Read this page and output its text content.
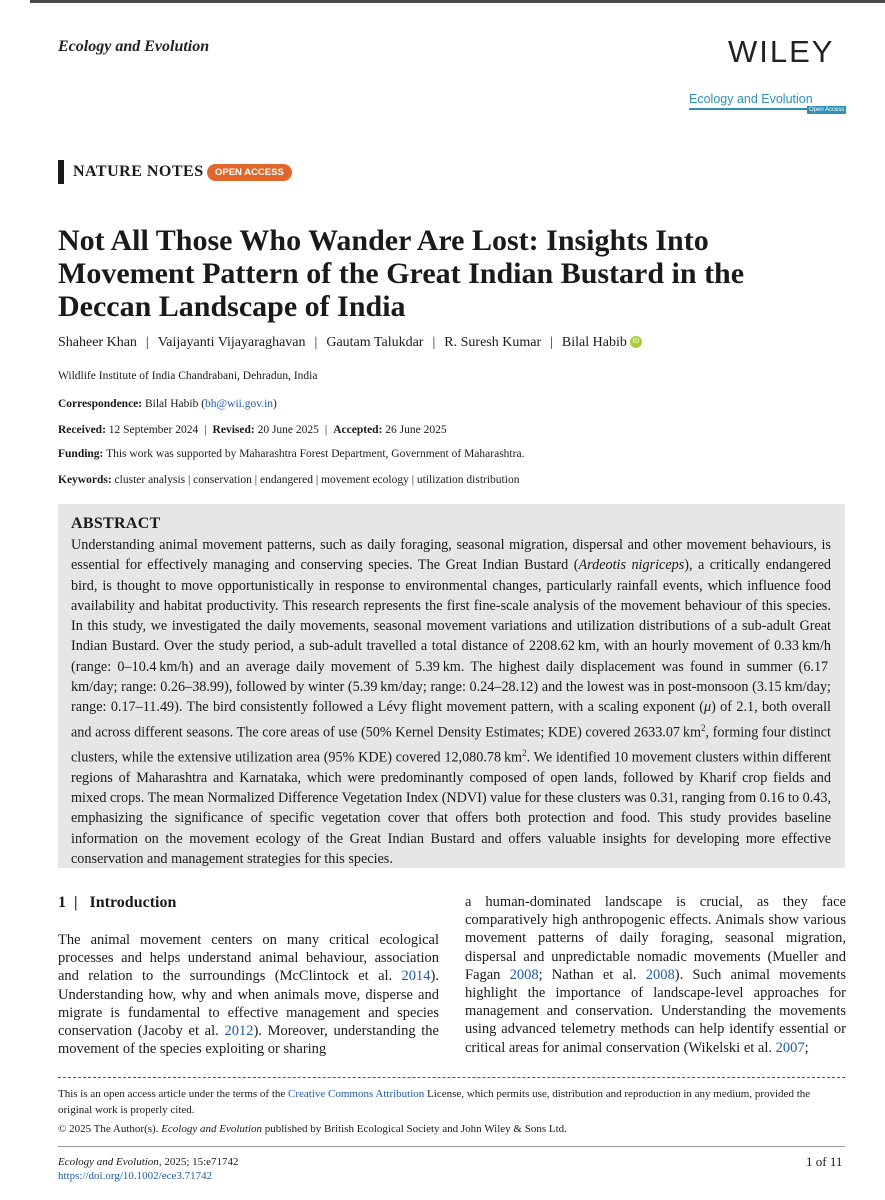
Ecology and Evolution	WILEY
Ecology and Evolution
Open Access
NATURE NOTES	OPEN ACCESS
Not All Those Who Wander Are Lost: Insights Into Movement Pattern of the Great Indian Bustard in the Deccan Landscape of India
Shaheer Khan | Vaijayanti Vijayaraghavan | Gautam Talukdar | R. Suresh Kumar | Bilal Habib iD
Wildlife Institute of India Chandrabani, Dehradun, India
Correspondence: Bilal Habib (bh@wii.gov.in)
Received: 12 September 2024 | Revised: 20 June 2025 | Accepted: 26 June 2025
Funding: This work was supported by Maharashtra Forest Department, Government of Maharashtra.
Keywords: cluster analysis | conservation | endangered | movement ecology | utilization distribution
ABSTRACT

Understanding animal movement patterns, such as daily foraging, seasonal migration, dispersal and other movement behaviours, is essential for effectively managing and conserving species. The Great Indian Bustard (Ardeotis nigriceps), a critically endangered bird, is thought to move opportunistically in response to environmental changes, particularly rainfall events, which influence food availability and habitat productivity. This research represents the first fine-scale analysis of the movement behaviour of this species. In this study, we investigated the daily movements, seasonal movement variations and utilization distributions of a sub-adult Great Indian Bustard. Over the study period, a sub-adult travelled a total distance of 2208.62 km, with an hourly movement of 0.33 km/h (range: 0–10.4 km/h) and an average daily movement of 5.39 km. The highest daily displacement was found in summer (6.17 km/day; range: 0.26–38.99), followed by winter (5.39 km/day; range: 0.24–28.12) and the lowest was in post-monsoon (3.15 km/day; range: 0.17–11.49). The bird consistently followed a Lévy flight movement pattern, with a scaling exponent (μ) of 2.1, both overall and across different seasons. The core areas of use (50% Kernel Density Estimates; KDE) covered 2633.07 $km^2$, forming four distinct clusters, while the extensive utilization area (95% KDE) covered 12,080.78 $km^2$. We identified 10 movement clusters within different regions of Maharashtra and Karnataka, which were predominantly composed of open lands, followed by Kharif crop fields and mixed crops. The mean Normalized Difference Vegetation Index (NDVI) value for these clusters was 0.31, ranging from 0.16 to 0.43, emphasizing the significance of specific vegetation cover that offers both protection and food. This study provides baseline information on the movement ecology of the Great Indian Bustard and offers valuable insights for developing more effective conservation and management strategies for this species.

1 |  Introduction

The animal movement centers on many critical ecological processes and helps understand animal behaviour, association and relation to the surroundings (McClintock et al. 2014). Understanding how, why and when animals move, disperse and migrate is fundamental to effective management and species conservation (Jacoby et al. 2012). Moreover, understanding the movement of the species exploiting or sharing

a human-dominated landscape is crucial, as they face comparatively high anthropogenic effects. Animals show various movement patterns of daily foraging, seasonal migration, dispersal and unpredictable nomadic movements (Mueller and Fagan 2008; Nathan et al. 2008). Such animal movements highlight the importance of landscape-level approaches for management and conservation. Understanding the movements using advanced telemetry methods can help identify essential or critical areas for animal conservation (Wikelski et al. 2007;

This is an open access article under the terms of the Creative Commons Attribution License, which permits use, distribution and reproduction in any medium, provided the original work is properly cited.

© 2025 The Author(s). Ecology and Evolution published by British Ecological Society and John Wiley & Sons Ltd.
Ecology and Evolution, 2025; 15:e71742
https://doi.org/10.1002/ece3.71742
1 of 11
